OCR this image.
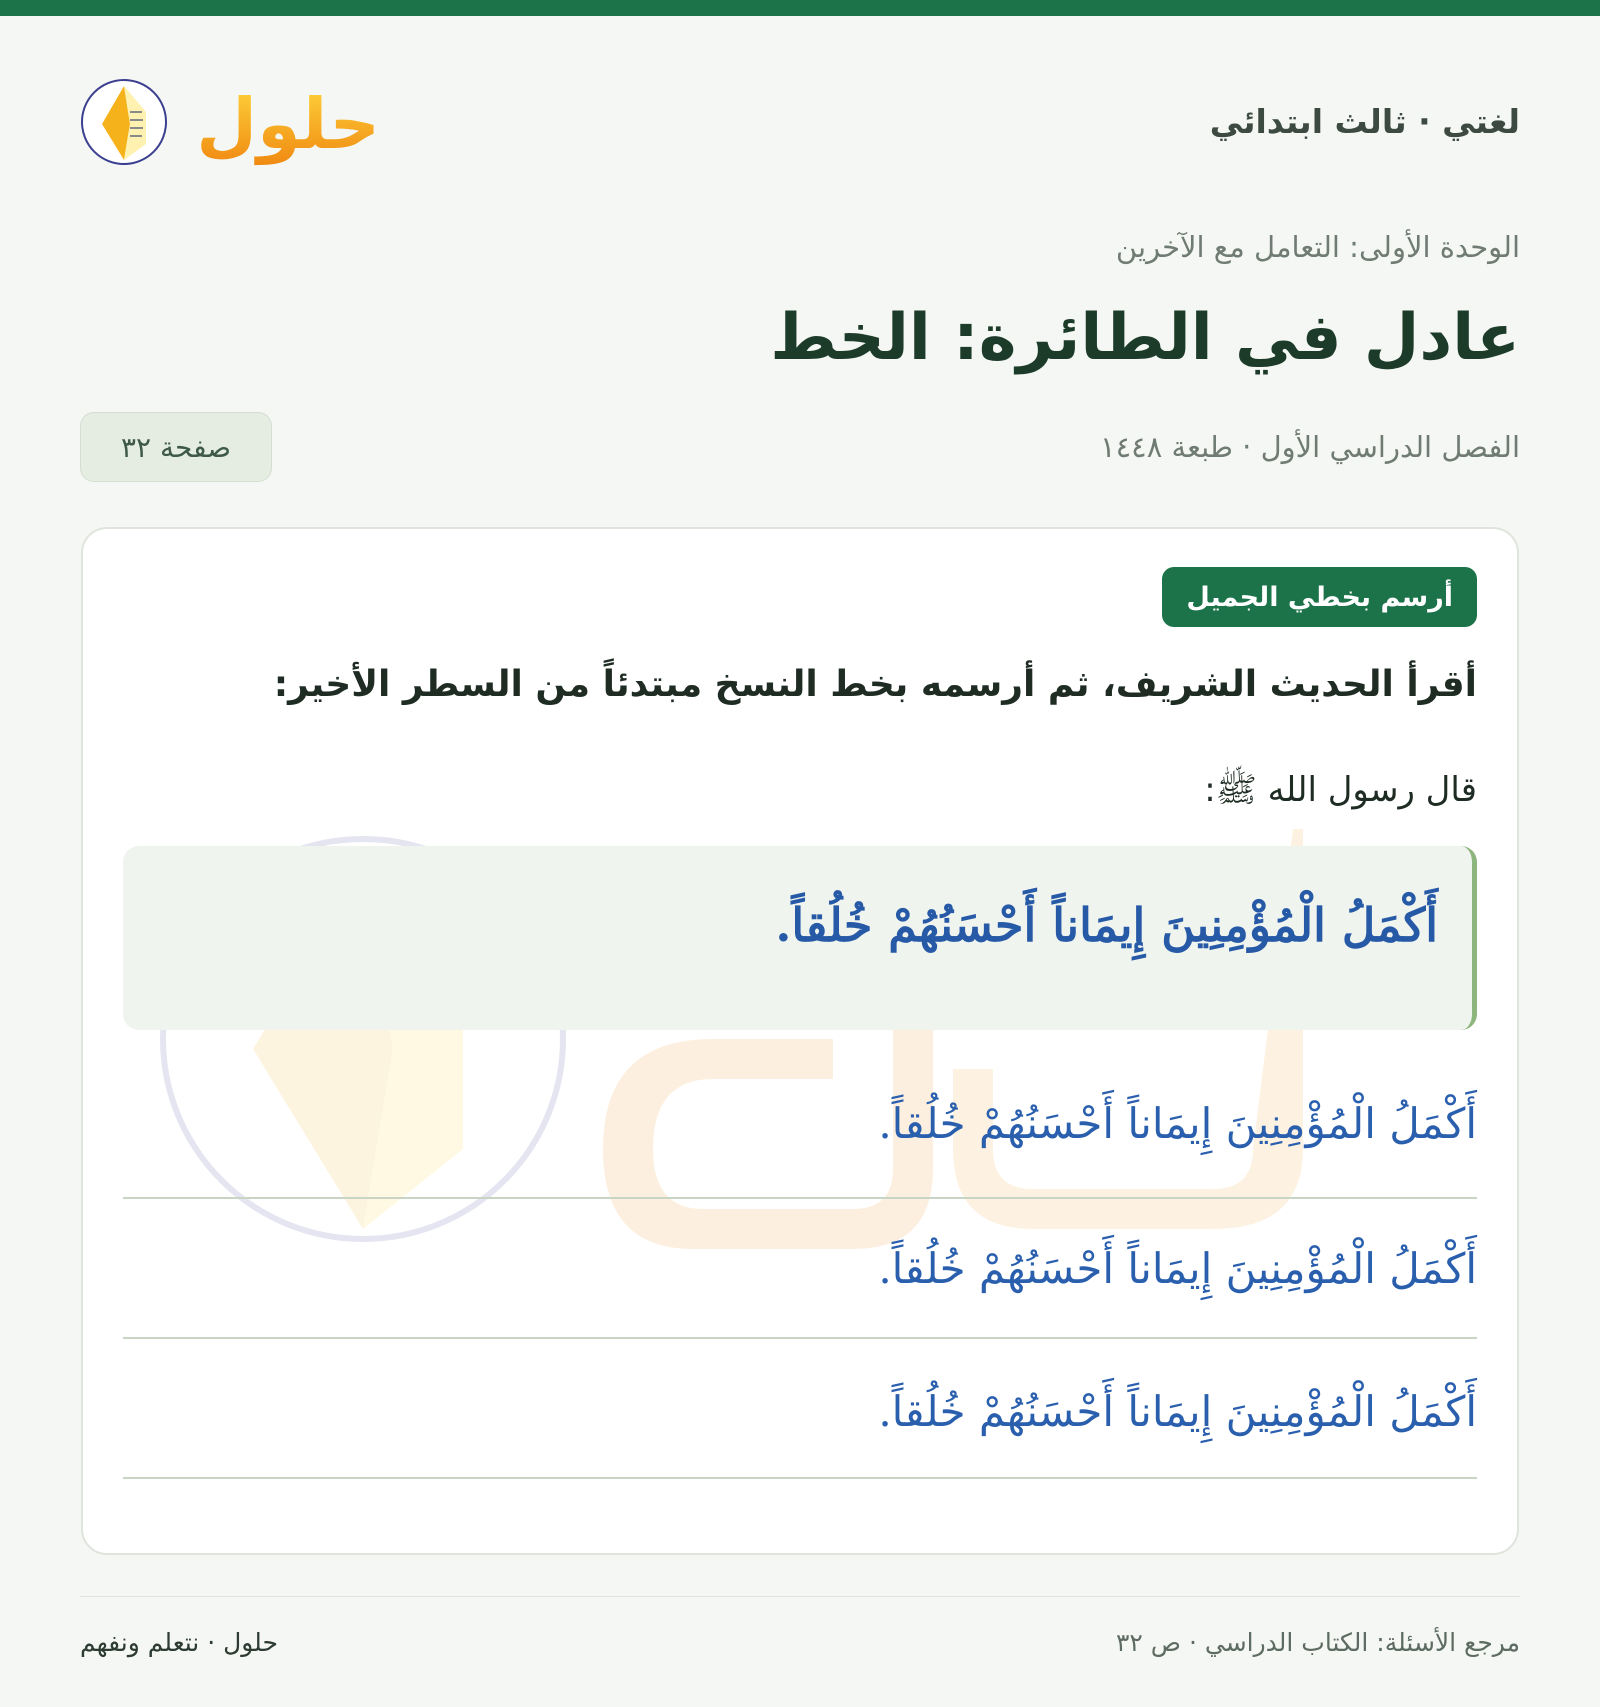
لغتي · ثالث ابتدائي
حلول
الوحدة الأولى: التعامل مع الآخرين
عادل في الطائرة: الخط
الفصل الدراسي الأول · طبعة ١٤٤٨
صفحة ٣٢
أرسم بخطي الجميل
أقرأ الحديث الشريف، ثم أرسمه بخط النسخ مبتدئاً من السطر الأخير:
قال رسول الله ﷺ:
أَكْمَلُ الْمُؤْمِنِينَ إِيمَاناً أَحْسَنُهُمْ خُلُقاً.
أَكْمَلُ الْمُؤْمِنِينَ إِيمَاناً أَحْسَنُهُمْ خُلُقاً.
أَكْمَلُ الْمُؤْمِنِينَ إِيمَاناً أَحْسَنُهُمْ خُلُقاً.
أَكْمَلُ الْمُؤْمِنِينَ إِيمَاناً أَحْسَنُهُمْ خُلُقاً.
مرجع الأسئلة: الكتاب الدراسي · ص ٣٢
حلول · نتعلم ونفهم
